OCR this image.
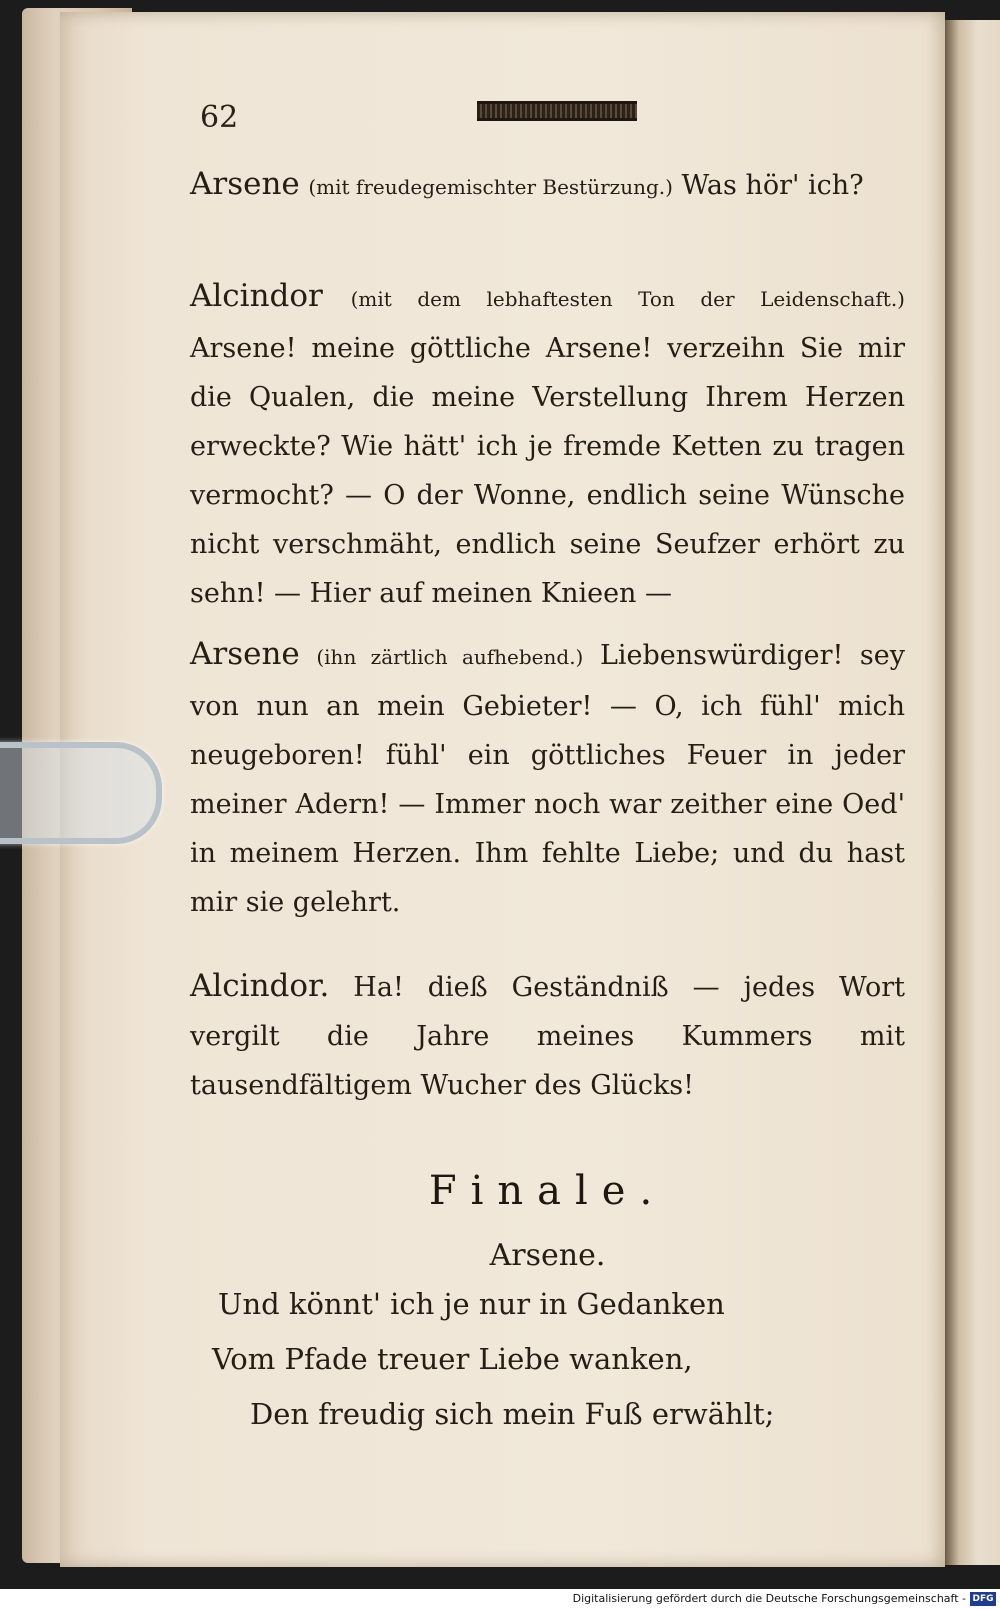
62
Arsene (mit freudegemischter Bestürzung.) Was hör' ich?
Alcindor (mit dem lebhaftesten Ton der Leidenschaft.) Arsene! meine göttliche Arsene! verzeihn Sie mir die Qualen, die meine Verstellung Ihrem Herzen erweckte? Wie hätt' ich je fremde Ketten zu tragen vermocht? — O der Wonne, endlich seine Wünsche nicht verschmäht, endlich seine Seufzer erhört zu sehn! — Hier auf meinen Knieen —
Arsene (ihn zärtlich aufhebend.) Liebenswürdiger! sey von nun an mein Gebieter! — O, ich fühl' mich neugeboren! fühl' ein göttliches Feuer in jeder meiner Adern! — Immer noch war zeither eine Oed' in meinem Herzen. Ihm fehlte Liebe; und du hast mir sie gelehrt.
Alcindor. Ha! dieß Geständniß — jedes Wort vergilt die Jahre meines Kummers mit tausendfältigem Wucher des Glücks!
Finale.
Arsene.
Und könnt' ich je nur in Gedanken
Vom Pfade treuer Liebe wanken,
Den freudig sich mein Fuß erwählt;
Digitalisierung gefördert durch die Deutsche Forschungsgemeinschaft - DFG
